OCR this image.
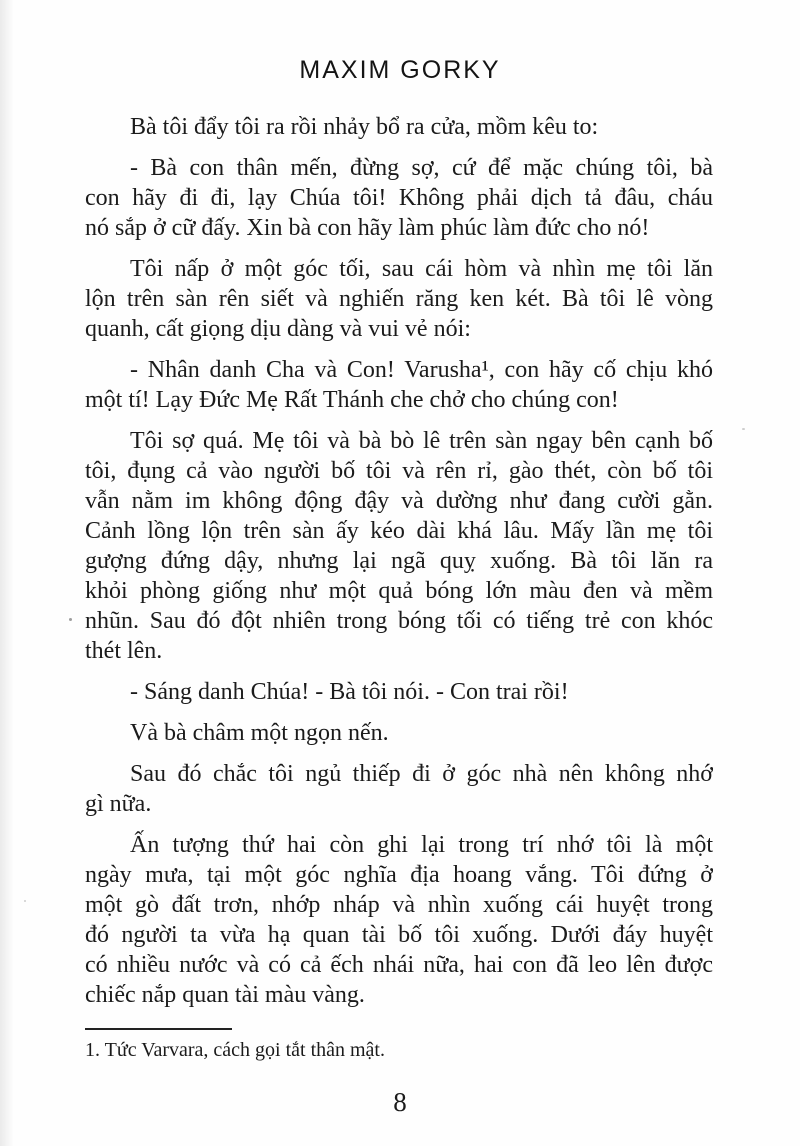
MAXIM GORKY
Bà tôi đẩy tôi ra rồi nhảy bổ ra cửa, mồm kêu to:
- Bà con thân mến, đừng sợ, cứ để mặc chúng tôi, bà
con hãy đi đi, lạy Chúa tôi! Không phải dịch tả đâu, cháu
nó sắp ở cữ đấy. Xin bà con hãy làm phúc làm đức cho nó!
Tôi nấp ở một góc tối, sau cái hòm và nhìn mẹ tôi lăn
lộn trên sàn rên siết và nghiến răng ken két. Bà tôi lê vòng
quanh, cất giọng dịu dàng và vui vẻ nói:
- Nhân danh Cha và Con! Varusha¹, con hãy cố chịu khó
một tí! Lạy Đức Mẹ Rất Thánh che chở cho chúng con!
Tôi sợ quá. Mẹ tôi và bà bò lê trên sàn ngay bên cạnh bố
tôi, đụng cả vào người bố tôi và rên rỉ, gào thét, còn bố tôi
vẫn nằm im không động đậy và dường như đang cười gằn.
Cảnh lồng lộn trên sàn ấy kéo dài khá lâu. Mấy lần mẹ tôi
gượng đứng dậy, nhưng lại ngã quỵ xuống. Bà tôi lăn ra
khỏi phòng giống như một quả bóng lớn màu đen và mềm
nhũn. Sau đó đột nhiên trong bóng tối có tiếng trẻ con khóc
thét lên.
- Sáng danh Chúa! - Bà tôi nói. - Con trai rồi!
Và bà châm một ngọn nến.
Sau đó chắc tôi ngủ thiếp đi ở góc nhà nên không nhớ
gì nữa.
Ấn tượng thứ hai còn ghi lại trong trí nhớ tôi là một
ngày mưa, tại một góc nghĩa địa hoang vắng. Tôi đứng ở
một gò đất trơn, nhớp nháp và nhìn xuống cái huyệt trong
đó người ta vừa hạ quan tài bố tôi xuống. Dưới đáy huyệt
có nhiều nước và có cả ếch nhái nữa, hai con đã leo lên được
chiếc nắp quan tài màu vàng.
1. Tức Varvara, cách gọi tắt thân mật.
8
